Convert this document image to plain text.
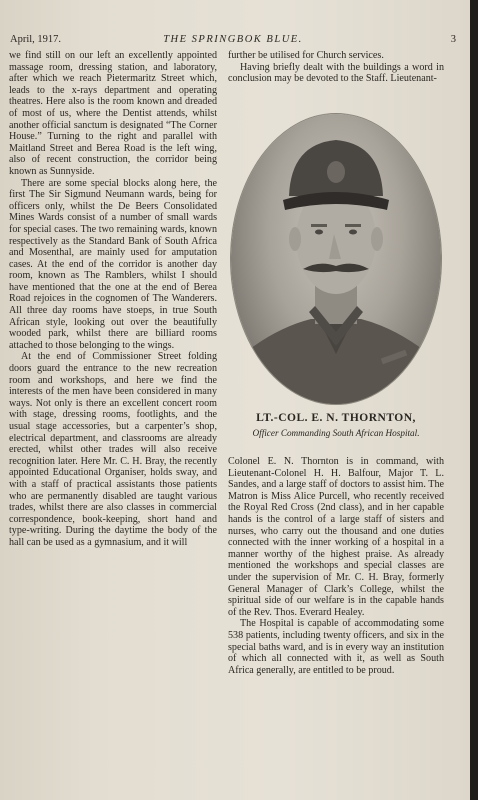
April, 1917.	THE SPRINGBOK BLUE.	3

we find still on our left an excellently appointed massage room, dressing station, and laboratory, after which we reach Pietermaritz Street which, leads to the x-rays department and operating theatres. Here also is the room known and dreaded of most of us, where the Dentist attends, whilst another official sanctum is designated “The Corner House.” Turning to the right and parallel with Maitland Street and Berea Road is the left wing, also of recent construction, the corridor being known as Sunnyside.

There are some special blocks along here, the first The Sir Sigmund Neumann wards, being for officers only, whilst the De Beers Consolidated Mines Wards consist of a number of small wards for special cases. The two remaining wards, known respectively as the Standard Bank of South Africa and Mosenthal, are mainly used for amputation cases. At the end of the corridor is another day room, known as The Ramblers, whilst I should have mentioned that the one at the end of Berea Road rejoices in the cognomen of The Wanderers. All three day rooms have stoeps, in true South African style, looking out over the beautifully wooded park, whilst there are billiard rooms attached to those belonging to the wings.

At the end of Commissioner Street folding doors guard the entrance to the new recreation room and workshops, and here we find the interests of the men have been considered in many ways. Not only is there an excellent concert room with stage, dressing rooms, footlights, and the usual stage accessories, but a carpenter’s shop, electrical department, and classrooms are already erected, whilst other trades will also receive recognition later. Here Mr. C. H. Bray, the recently appointed Educational Organiser, holds sway, and with a staff of practical assistants those patients who are permanently disabled are taught various trades, whilst there are also classes in commercial correspondence, book-keeping, short hand and type-writing. During the daytime the body of the hall can be used as a gymnasium, and it will

further be utilised for Church services.

Having briefly dealt with the buildings a word in conclusion may be devoted to the Staff. Lieutenant-

LT.-COL. E. N. THORNTON,
Officer Commanding South African Hospital.

Colonel E. N. Thornton is in command, with Lieutenant-Colonel H. H. Balfour, Major T. L. Sandes, and a large staff of doctors to assist him. The Matron is Miss Alice Purcell, who recently received the Royal Red Cross (2nd class), and in her capable hands is the control of a large staff of sisters and nurses, who carry out the thousand and one duties connected with the inner working of a hospital in a manner worthy of the highest praise. As already mentioned the workshops and special classes are under the supervision of Mr. C. H. Bray, formerly General Manager of Clark’s College, whilst the spiritual side of our welfare is in the capable hands of the Rev. Thos. Everard Healey.

The Hospital is capable of accommodating some 538 patients, including twenty officers, and six in the special baths ward, and is in every way an institution of which all connected with it, as well as South Africa generally, are entitled to be proud.
